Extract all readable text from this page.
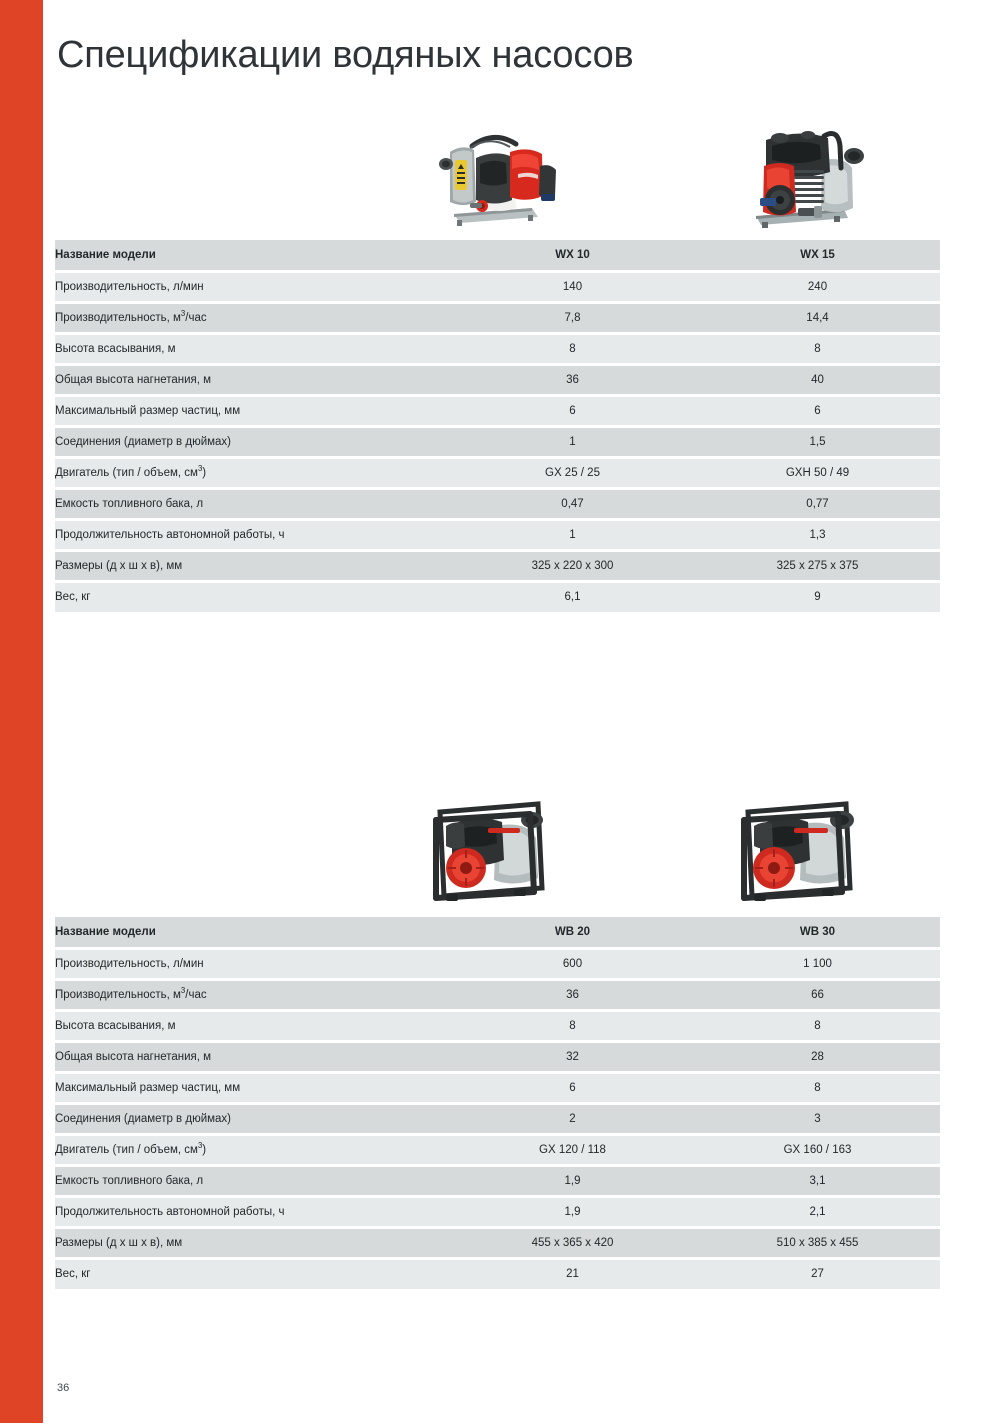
Спецификации водяных насосов
Название модели	WX 10	WX 15
Производительность, л/мин	140	240
Производительность, $м^3$/час	7,8	14,4
Высота всасывания, м	8	8
Общая высота нагнетания, м	36	40
Максимальный размер частиц, мм	6	6
Соединения (диаметр в дюймах)	1	1,5
Двигатель (тип / объем, $см^3$)	GX 25 / 25	GXH 50 / 49
Емкость топливного бака, л	0,47	0,77
Продолжительность автономной работы, ч	1	1,3
Размеры (д x ш x в), мм	325 x 220 x 300	325 x 275 x 375
Вес, кг	6,1	9
Название модели	WB 20	WB 30
Производительность, л/мин	600	1 100
Производительность, $м^3$/час	36	66
Высота всасывания, м	8	8
Общая высота нагнетания, м	32	28
Максимальный размер частиц, мм	6	8
Соединения (диаметр в дюймах)	2	3
Двигатель (тип / объем, $см^3$)	GX 120 / 118	GX 160 / 163
Емкость топливного бака, л	1,9	3,1
Продолжительность автономной работы, ч	1,9	2,1
Размеры (д x ш x в), мм	455 x 365 x 420	510 x 385 x 455
Вес, кг	21	27
36
